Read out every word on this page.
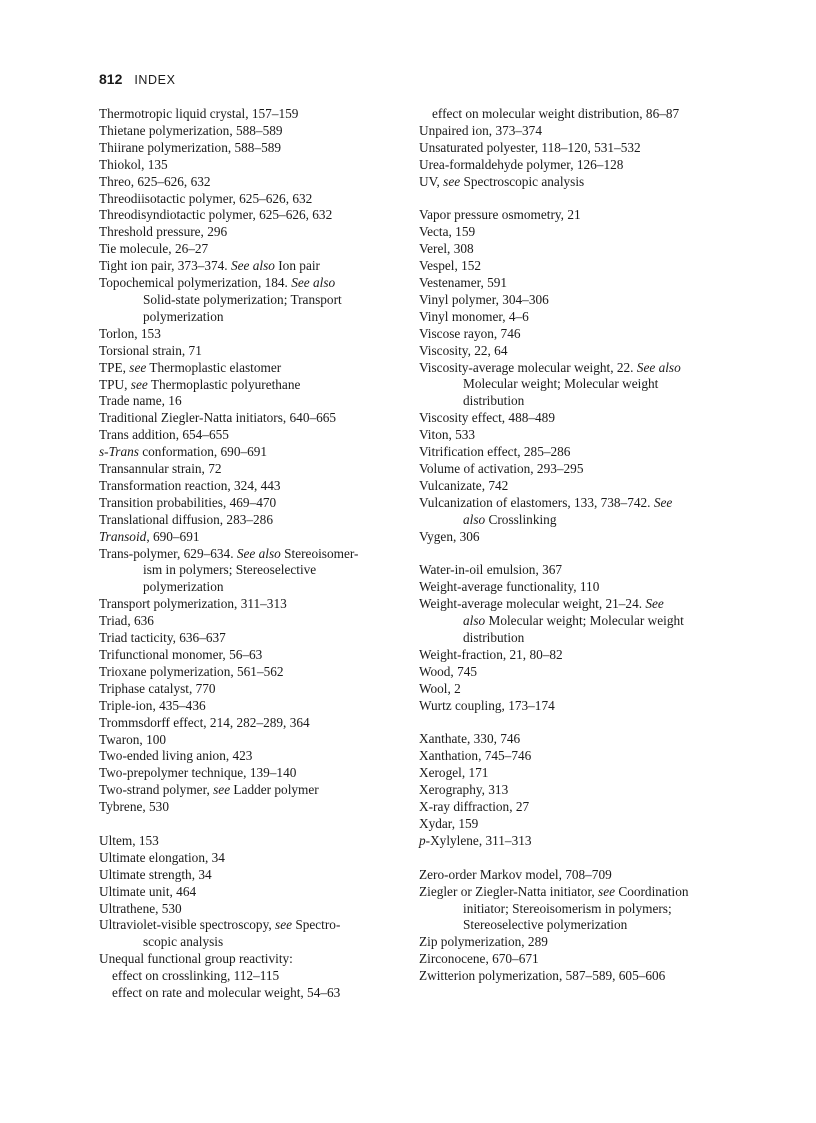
812 INDEX
Thermotropic liquid crystal, 157–159
Thietane polymerization, 588–589
Thiirane polymerization, 588–589
Thiokol, 135
Threo, 625–626, 632
Threodiisotactic polymer, 625–626, 632
Threodisyndiotactic polymer, 625–626, 632
Threshold pressure, 296
Tie molecule, 26–27
Tight ion pair, 373–374. See also Ion pair
Topochemical polymerization, 184. See also
Solid-state polymerization; Transport
polymerization
Torlon, 153
Torsional strain, 71
TPE, see Thermoplastic elastomer
TPU, see Thermoplastic polyurethane
Trade name, 16
Traditional Ziegler-Natta initiators, 640–665
Trans addition, 654–655
s-Trans conformation, 690–691
Transannular strain, 72
Transformation reaction, 324, 443
Transition probabilities, 469–470
Translational diffusion, 283–286
Transoid, 690–691
Trans-polymer, 629–634. See also Stereoisomer-
ism in polymers; Stereoselective
polymerization
Transport polymerization, 311–313
Triad, 636
Triad tacticity, 636–637
Trifunctional monomer, 56–63
Trioxane polymerization, 561–562
Triphase catalyst, 770
Triple-ion, 435–436
Trommsdorff effect, 214, 282–289, 364
Twaron, 100
Two-ended living anion, 423
Two-prepolymer technique, 139–140
Two-strand polymer, see Ladder polymer
Tybrene, 530
Ultem, 153
Ultimate elongation, 34
Ultimate strength, 34
Ultimate unit, 464
Ultrathene, 530
Ultraviolet-visible spectroscopy, see Spectro-
scopic analysis
Unequal functional group reactivity:
effect on crosslinking, 112–115
effect on rate and molecular weight, 54–63
effect on molecular weight distribution, 86–87
Unpaired ion, 373–374
Unsaturated polyester, 118–120, 531–532
Urea-formaldehyde polymer, 126–128
UV, see Spectroscopic analysis
Vapor pressure osmometry, 21
Vecta, 159
Verel, 308
Vespel, 152
Vestenamer, 591
Vinyl polymer, 304–306
Vinyl monomer, 4–6
Viscose rayon, 746
Viscosity, 22, 64
Viscosity-average molecular weight, 22. See also
Molecular weight; Molecular weight
distribution
Viscosity effect, 488–489
Viton, 533
Vitrification effect, 285–286
Volume of activation, 293–295
Vulcanizate, 742
Vulcanization of elastomers, 133, 738–742. See
also Crosslinking
Vygen, 306
Water-in-oil emulsion, 367
Weight-average functionality, 110
Weight-average molecular weight, 21–24. See
also Molecular weight; Molecular weight
distribution
Weight-fraction, 21, 80–82
Wood, 745
Wool, 2
Wurtz coupling, 173–174
Xanthate, 330, 746
Xanthation, 745–746
Xerogel, 171
Xerography, 313
X-ray diffraction, 27
Xydar, 159
p-Xylylene, 311–313
Zero-order Markov model, 708–709
Ziegler or Ziegler-Natta initiator, see Coordination
initiator; Stereoisomerism in polymers;
Stereoselective polymerization
Zip polymerization, 289
Zirconocene, 670–671
Zwitterion polymerization, 587–589, 605–606
